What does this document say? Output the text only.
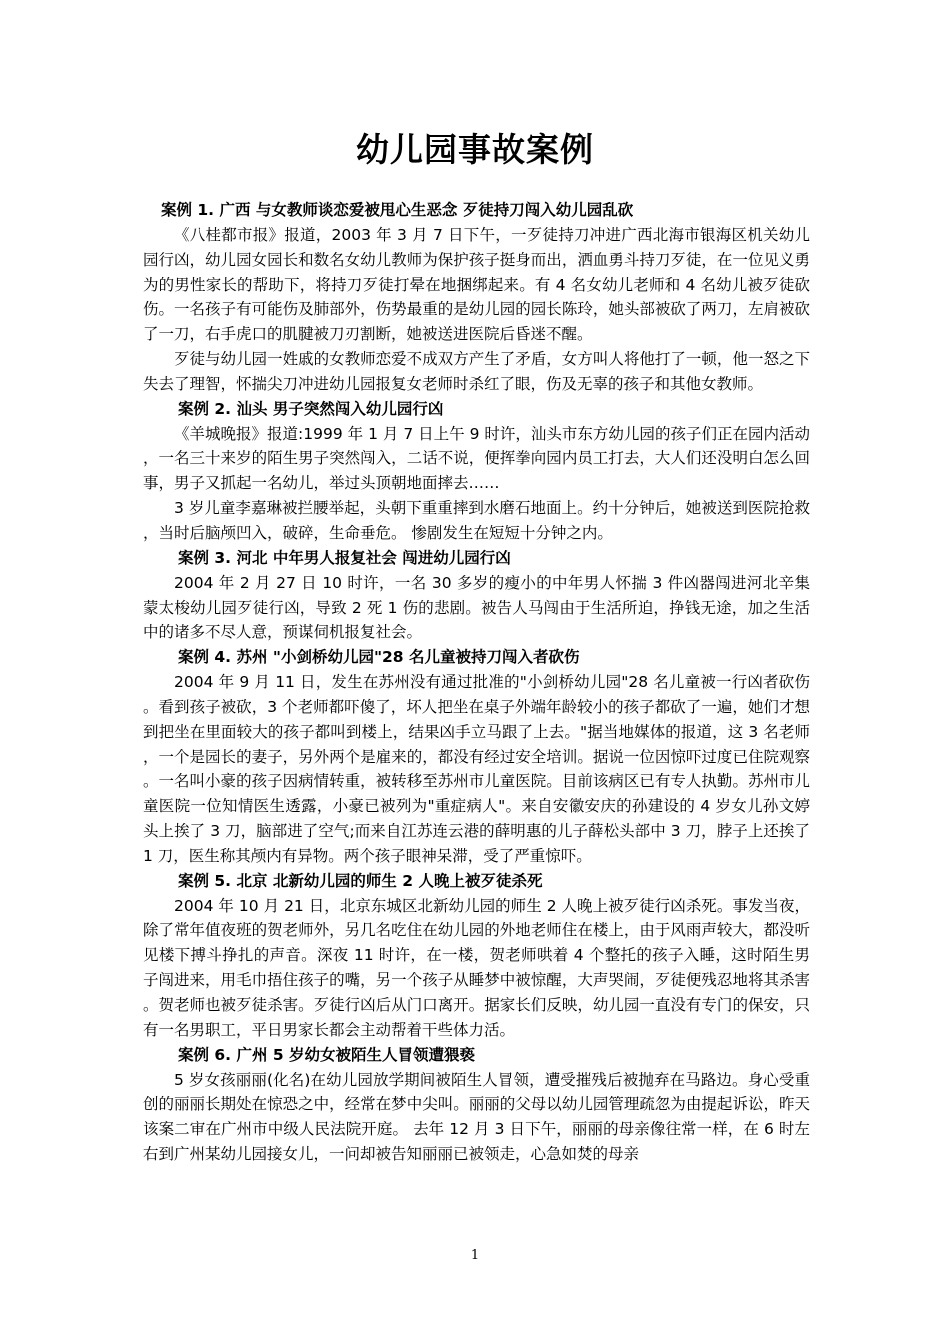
幼儿园事故案例

案例 1. 广西 与女教师谈恋爱被甩心生恶念 歹徒持刀闯入幼儿园乱砍

《八桂都市报》报道，2003 年 3 月 7 日下午，一歹徒持刀冲进广西北海市银海区机关幼儿园行凶，幼儿园女园长和数名女幼儿教师为保护孩子挺身而出，洒血勇斗持刀歹徒，在一位见义勇为的男性家长的帮助下，将持刀歹徒打晕在地捆绑起来。有 4 名女幼儿老师和 4 名幼儿被歹徒砍伤。一名孩子有可能伤及肺部外，伤势最重的是幼儿园的园长陈玲，她头部被砍了两刀，左肩被砍了一刀，右手虎口的肌腱被刀刃割断，她被送进医院后昏迷不醒。

歹徒与幼儿园一姓戚的女教师恋爱不成双方产生了矛盾，女方叫人将他打了一顿，他一怒之下失去了理智，怀揣尖刀冲进幼儿园报复女老师时杀红了眼，伤及无辜的孩子和其他女教师。

案例 2. 汕头 男子突然闯入幼儿园行凶

《羊城晚报》报道:1999 年 1 月 7 日上午 9 时许，汕头市东方幼儿园的孩子们正在园内活动，一名三十来岁的陌生男子突然闯入，二话不说，便挥拳向园内员工打去，大人们还没明白怎么回事，男子又抓起一名幼儿，举过头顶朝地面摔去……

3 岁儿童李嘉琳被拦腰举起，头朝下重重摔到水磨石地面上。约十分钟后，她被送到医院抢救，当时后脑颅凹入，破碎，生命垂危。 惨剧发生在短短十分钟之内。

案例 3. 河北 中年男人报复社会 闯进幼儿园行凶

2004 年 2 月 27 日 10 时许，一名 30 多岁的瘦小的中年男人怀揣 3 件凶器闯进河北辛集蒙太梭幼儿园歹徒行凶，导致 2 死 1 伤的悲剧。被告人马闯由于生活所迫，挣钱无途，加之生活中的诸多不尽人意，预谋伺机报复社会。

案例 4. 苏州 "小剑桥幼儿园"28 名儿童被持刀闯入者砍伤

2004 年 9 月 11 日，发生在苏州没有通过批准的"小剑桥幼儿园"28 名儿童被一行凶者砍伤。看到孩子被砍，3 个老师都吓傻了，坏人把坐在桌子外端年龄较小的孩子都砍了一遍，她们才想到把坐在里面较大的孩子都叫到楼上，结果凶手立马跟了上去。"据当地媒体的报道，这 3 名老师，一个是园长的妻子，另外两个是雇来的，都没有经过安全培训。据说一位因惊吓过度已住院观察。一名叫小豪的孩子因病情转重，被转移至苏州市儿童医院。目前该病区已有专人执勤。苏州市儿童医院一位知情医生透露，小豪已被列为"重症病人"。来自安徽安庆的孙建设的 4 岁女儿孙文婷头上挨了 3 刀，脑部进了空气;而来自江苏连云港的薛明惠的儿子薛松头部中 3 刀，脖子上还挨了 1 刀，医生称其颅内有异物。两个孩子眼神呆滞，受了严重惊吓。

案例 5. 北京 北新幼儿园的师生 2 人晚上被歹徒杀死

2004 年 10 月 21 日，北京东城区北新幼儿园的师生 2 人晚上被歹徒行凶杀死。事发当夜，除了常年值夜班的贺老师外，另几名吃住在幼儿园的外地老师住在楼上，由于风雨声较大，都没听见楼下搏斗挣扎的声音。深夜 11 时许，在一楼，贺老师哄着 4 个整托的孩子入睡，这时陌生男子闯进来，用毛巾捂住孩子的嘴，另一个孩子从睡梦中被惊醒，大声哭闹，歹徒便残忍地将其杀害。贺老师也被歹徒杀害。歹徒行凶后从门口离开。据家长们反映，幼儿园一直没有专门的保安，只有一名男职工，平日男家长都会主动帮着干些体力活。

案例 6. 广州 5 岁幼女被陌生人冒领遭猥亵

5 岁女孩丽丽(化名)在幼儿园放学期间被陌生人冒领，遭受摧残后被抛弃在马路边。身心受重创的丽丽长期处在惊恐之中，经常在梦中尖叫。丽丽的父母以幼儿园管理疏忽为由提起诉讼，昨天该案二审在广州市中级人民法院开庭。 去年 12 月 3 日下午，丽丽的母亲像往常一样，在 6 时左右到广州某幼儿园接女儿，一问却被告知丽丽已被领走，心急如焚的母亲

1
